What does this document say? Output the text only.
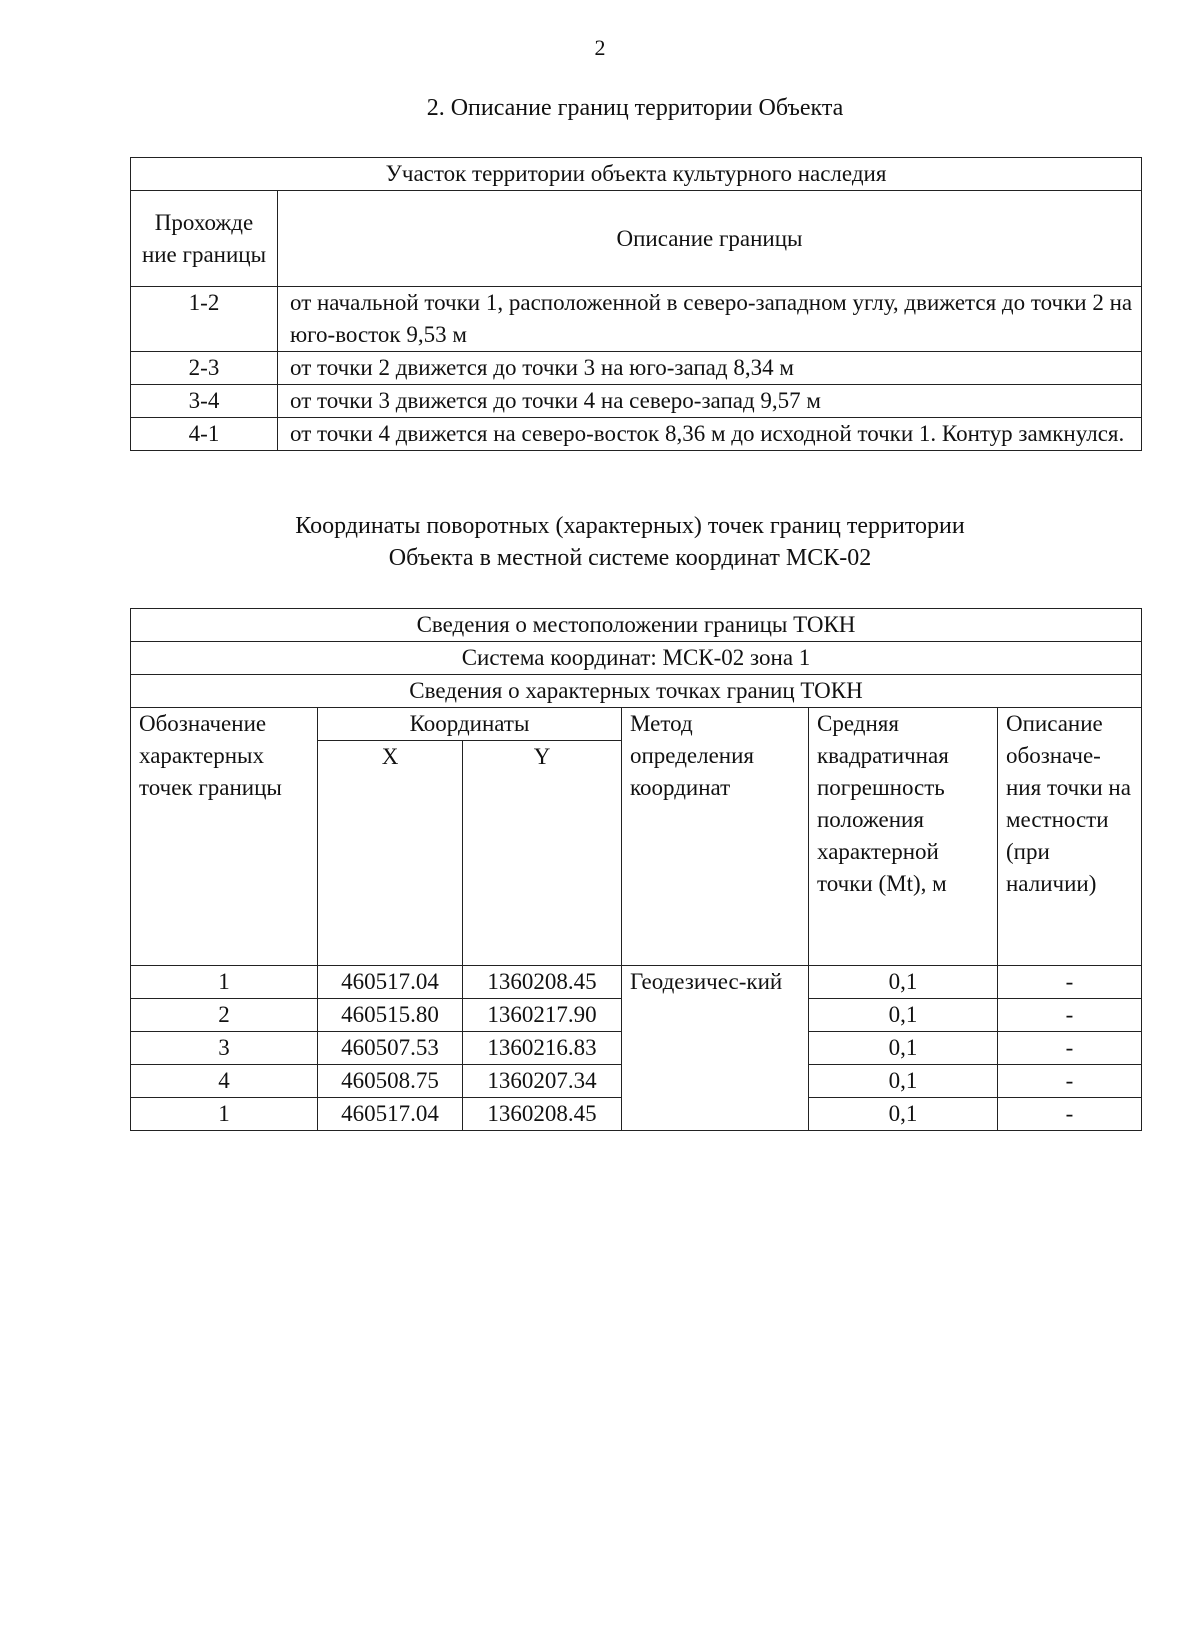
2
2. Описание границ территории Объекта
Участок территории объекта культурного наследия	
Прохожде ние границы	Описание границы
1-2	от начальной точки 1, расположенной в северо-западном углу, движется до точки 2 на юго-восток 9,53 м
2-3	от точки 2 движется до точки 3 на юго-запад 8,34 м
3-4	от точки 3 движется до точки 4 на северо-запад 9,57 м
4-1	от точки 4 движется на северо-восток 8,36 м до исходной точки 1. Контур замкнулся.
Координаты поворотных (характерных) точек границ территории
Объекта в местной системе координат МСК-02
Сведения о местоположении границы ТОКН					
Система координат: МСК-02 зона 1					
Сведения о характерных точках границ ТОКН					
Обозначение характерных точек границы	Координаты		Метод определения координат	Средняя квадратичная погрешность положения характерной точки (Mt), м	Описание обозначе-ния точки на местности (при наличии)
	X	Y			
1	460517.04	1360208.45	Геодезичес-кий	0,1	-
2	460515.80	1360217.90		0,1	-
3	460507.53	1360216.83		0,1	-
4	460508.75	1360207.34		0,1	-
1	460517.04	1360208.45		0,1	-
